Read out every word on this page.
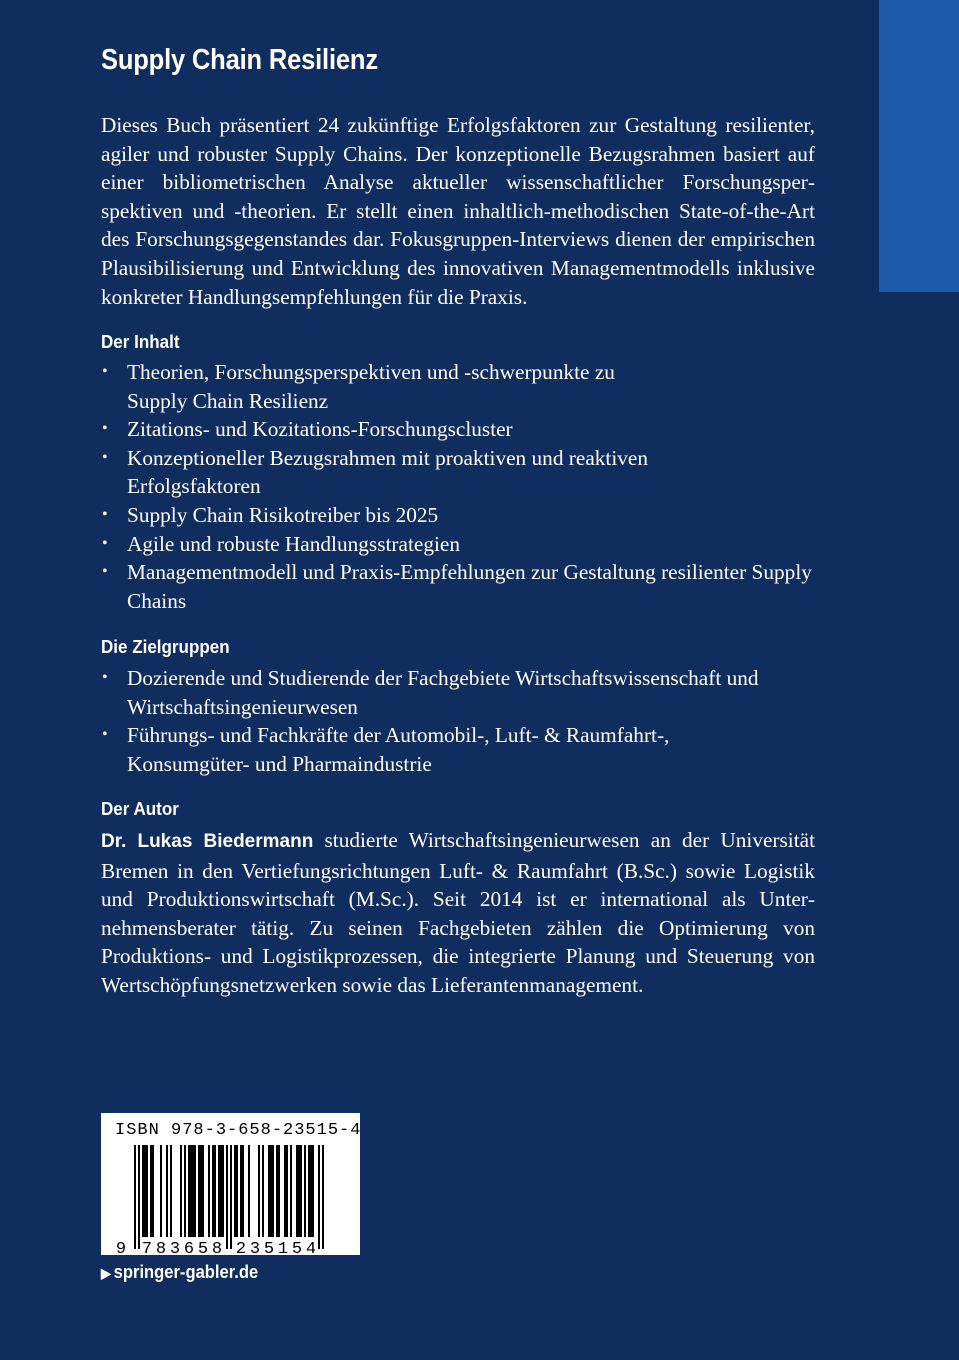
Supply Chain Resilienz

Dieses Buch präsentiert 24 zukünftige Erfolgsfaktoren zur Gestaltung resilienter, agiler und robuster Supply Chains. Der konzeptionelle Bezugsrahmen basiert auf einer bibliometrischen Analyse aktueller wissenschaftlicher Forschungsperspektiven und -theorien. Er stellt einen inhaltlich-methodischen State-of-the-Art des Forschungsgegenstandes dar. Fokusgruppen-Interviews dienen der empirischen Plausibilisierung und Entwicklung des innovativen Managementmodells inklusive konkreter Handlungsempfehlungen für die Praxis.

Der Inhalt
• Theorien, Forschungsperspektiven und -schwerpunkte zu Supply Chain Resilienz
• Zitations- und Kozitations-Forschungscluster
• Konzeptioneller Bezugsrahmen mit proaktiven und reaktiven Erfolgsfaktoren
• Supply Chain Risikotreiber bis 2025
• Agile und robuste Handlungsstrategien
• Managementmodell und Praxis-Empfehlungen zur Gestaltung resilienter Supply Chains
Die Zielgruppen
• Dozierende und Studierende der Fachgebiete Wirtschaftswissenschaft und Wirtschaftsingenieurwesen
• Führungs- und Fachkräfte der Automobil-, Luft- & Raumfahrt-, Konsumgüter- und Pharmaindustrie
Der Autor

Dr. Lukas Biedermann studierte Wirtschaftsingenieurwesen an der Universität Bremen in den Vertiefungsrichtungen Luft- & Raumfahrt (B.Sc.) sowie Logistik und Produktionswirtschaft (M.Sc.). Seit 2014 ist er international als Unternehmensberater tätig. Zu seinen Fachgebieten zählen die Optimierung von Produktions- und Logistikprozessen, die integrierte Planung und Steuerung von Wertschöpfungsnetzwerken sowie das Lieferantenmanagement.

ISBN 978-3-658-23515-4
9 7 8 3 6 5 8 2 3 5 1 5 4
▶ springer-gabler.de
